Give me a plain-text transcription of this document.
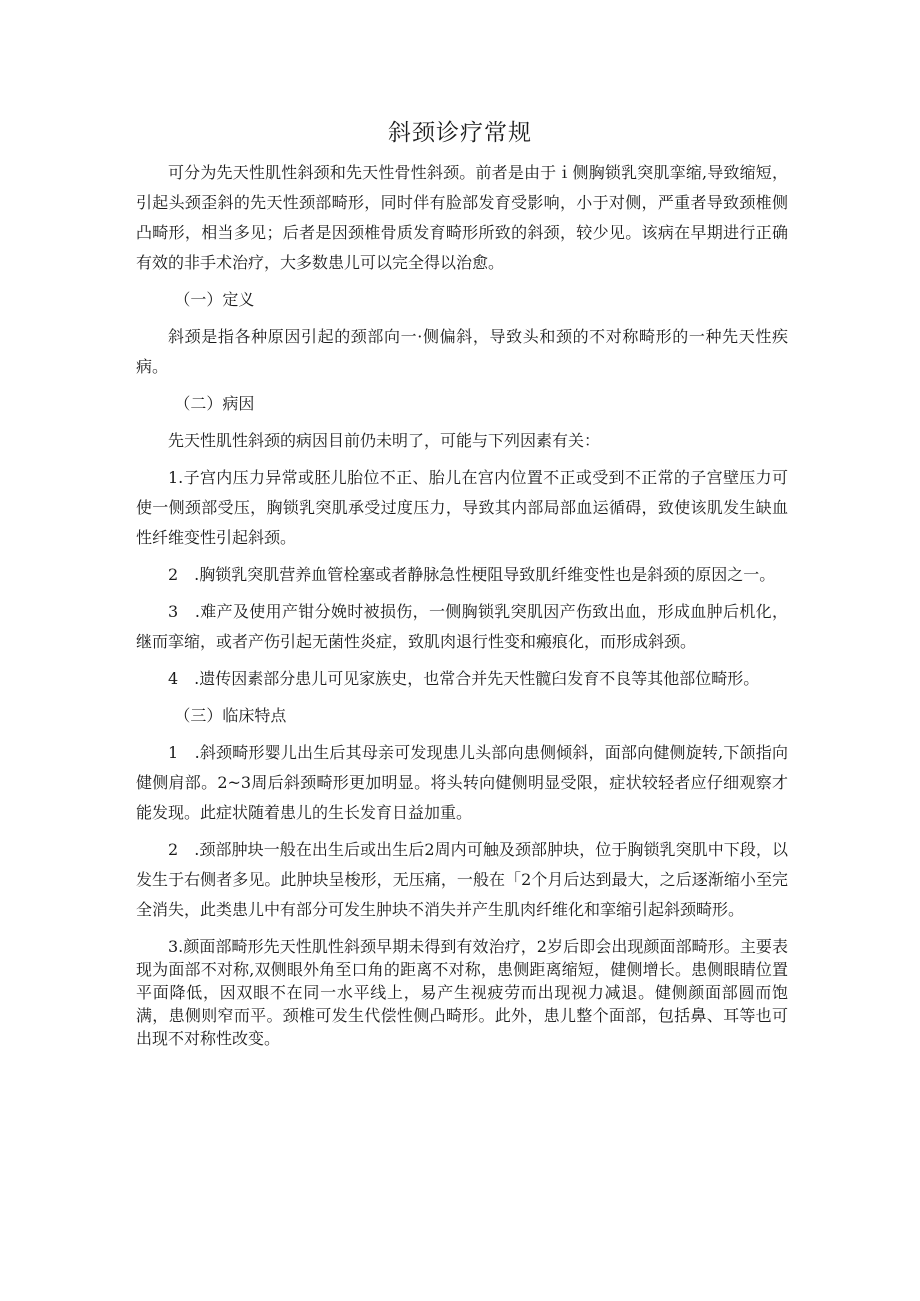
斜颈诊疗常规

可分为先天性肌性斜颈和先天性骨性斜颈。前者是由于ｉ侧胸锁乳突肌挛缩,导致缩短，引起头颈歪斜的先天性颈部畸形，同时伴有脸部发育受影响，小于对侧，严重者导致颈椎侧凸畸形，相当多见；后者是因颈椎骨质发育畸形所致的斜颈，较少见。该病在早期进行正确有效的非手术治疗，大多数患儿可以完全得以治愈。

（一）定义

斜颈是指各种原因引起的颈部向一·侧偏斜，导致头和颈的不对称畸形的一种先天性疾病。

（二）病因

先天性肌性斜颈的病因目前仍未明了，可能与下列因素有关：

1.子宫内压力异常或胚儿胎位不正、胎儿在宫内位置不正或受到不正常的子宫壁压力可使一侧颈部受压，胸锁乳突肌承受过度压力，导致其内部局部血运循碍，致使该肌发生缺血性纤维变性引起斜颈。

2　.胸锁乳突肌营养血管栓塞或者静脉急性梗阻导致肌纤维变性也是斜颈的原因之一。

3　.难产及使用产钳分娩时被损伤，一侧胸锁乳突肌因产伤致出血，形成血肿后机化，继而挛缩，或者产伤引起无菌性炎症，致肌肉退行性变和瘢痕化，而形成斜颈。

4　.遗传因素部分患儿可见家族史，也常合并先天性髋臼发育不良等其他部位畸形。

（三）临床特点

1　.斜颈畸形婴儿出生后其母亲可发现患儿头部向患侧倾斜，面部向健侧旋转,下颌指向健侧肩部。2~3周后斜颈畸形更加明显。将头转向健侧明显受限，症状较轻者应仔细观察才能发现。此症状随着患儿的生长发育日益加重。

2　.颈部肿块一般在出生后或出生后2周内可触及颈部肿块，位于胸锁乳突肌中下段，以发生于右侧者多见。此肿块呈梭形，无压痛，一般在「2个月后达到最大，之后逐渐缩小至完全消失，此类患儿中有部分可发生肿块不消失并产生肌肉纤维化和挛缩引起斜颈畸形。

3.颜面部畸形先天性肌性斜颈早期未得到有效治疗，2岁后即会出现颜面部畸形。主要表现为面部不对称,双侧眼外角至口角的距离不对称，患侧距离缩短，健侧增长。患侧眼睛位置平面降低，因双眼不在同一水平线上，易产生视疲劳而出现视力减退。健侧颜面部圆而饱满，患侧则窄而平。颈椎可发生代偿性侧凸畸形。此外，患儿整个面部，包括鼻、耳等也可出现不对称性改变。
